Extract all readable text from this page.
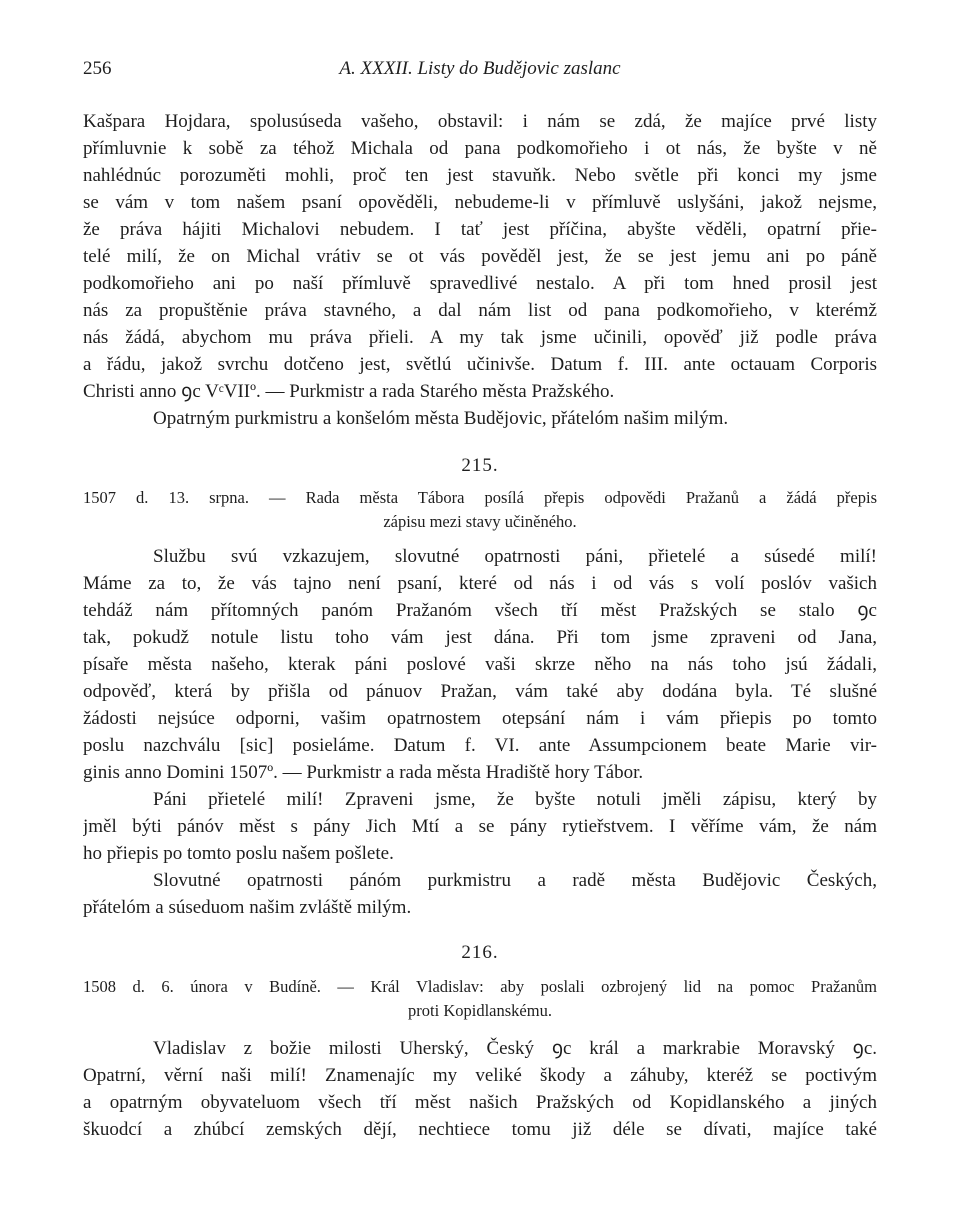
256	A. XXXII. Listy do Budějovic zaslanc
Kašpara Hojdara, spolusúseda vašeho, obstavil: i nám se zdá, že majíce prvé listy
přímluvnie k sobě za téhož Michala od pana podkomořieho i ot nás, že byšte v ně
nahlédnúc porozuměti mohli, proč ten jest stavuňk. Nebo světle při konci my jsme
se vám v tom našem psaní opověděli, nebudeme-li v přímluvě uslyšáni, jakož nejsme,
že práva hájiti Michalovi nebudem. I tať jest příčina, abyšte věděli, opatrní přie-
telé milí, že on Michal vrátiv se ot vás pověděl jest, že se jest jemu ani po páně
podkomořieho ani po naší přímluvě spravedlivé nestalo. A při tom hned prosil jest
nás za propuštěnie práva stavného, a dal nám list od pana podkomořieho, v kterémž
nás žádá, abychom mu práva přieli. A my tak jsme učinili, opověď již podle práva
a řádu, jakož svrchu dotčeno jest, světlú učinivše. Datum f. III. ante octauam Corporis
Christi anno ꝯc VᶜVIIº. — Purkmistr a rada Starého města Pražského.
Opatrným purkmistru a konšelóm města Budějovic, přátelóm našim milým.
215.
1507 d. 13. srpna. — Rada města Tábora posílá přepis odpovědi Pražanů a žádá přepis
zápisu mezi stavy učiněného.
Službu svú vzkazujem, slovutné opatrnosti páni, přietelé a súsedé milí!
Máme za to, že vás tajno není psaní, které od nás i od vás s volí poslóv vašich
tehdáž nám přítomných panóm Pražanóm všech tří měst Pražských se stalo ꝯc
tak, pokudž notule listu toho vám jest dána. Při tom jsme zpraveni od Jana,
písaře města našeho, kterak páni poslové vaši skrze něho na nás toho jsú žádali,
odpověď, která by přišla od pánuov Pražan, vám také aby dodána byla. Té slušné
žádosti nejsúce odporni, vašim opatrnostem otepsání nám i vám přiepis po tomto
poslu nazchválu [sic] posieláme. Datum f. VI. ante Assumpcionem beate Marie vir-
ginis anno Domini 1507º. — Purkmistr a rada města Hradiště hory Tábor.
Páni přietelé milí! Zpraveni jsme, že byšte notuli jměli zápisu, který by
jměl býti pánóv měst s pány Jich Mtí a se pány rytieřstvem. I věříme vám, že nám
ho přiepis po tomto poslu našem pošlete.
Slovutné opatrnosti pánóm purkmistru a radě města Budějovic Českých,
přátelóm a súseduom našim zvláště milým.
216.
1508 d. 6. února v Budíně. — Král Vladislav: aby poslali ozbrojený lid na pomoc Pražanům
proti Kopidlanskému.
Vladislav z božie milosti Uherský, Český ꝯc král a markrabie Moravský ꝯc.
Opatrní, věrní naši milí! Znamenajíc my veliké škody a záhuby, kteréž se poctivým
a opatrným obyvateluom všech tří měst našich Pražských od Kopidlanského a jiných
škuodcí a zhúbcí zemských dějí, nechtiece tomu již déle se dívati, majíce také
